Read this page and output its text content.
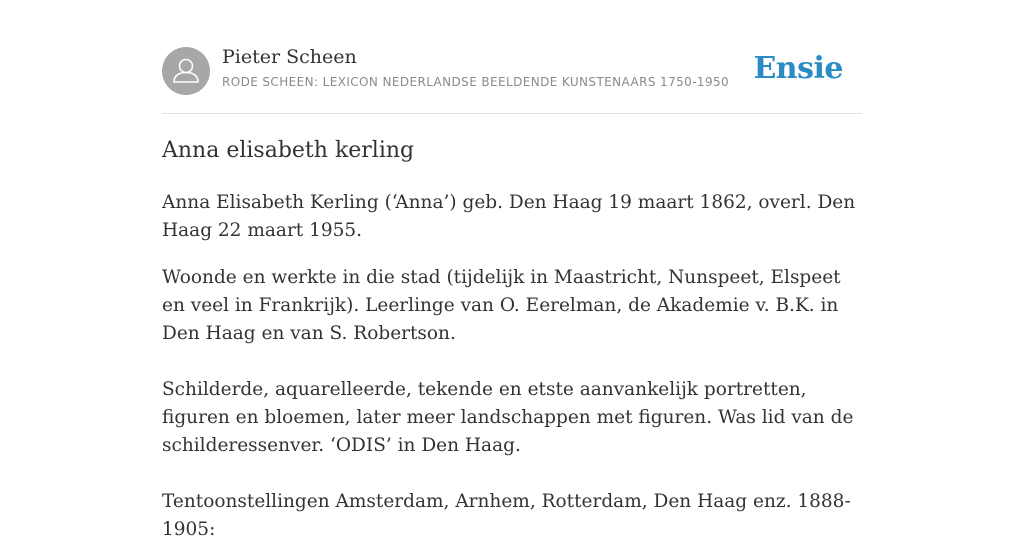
Pieter Scheen
RODE SCHEEN: LEXICON NEDERLANDSE BEELDENDE KUNSTENAARS 1750-1950 Ensie
Anna elisabeth kerling

Anna Elisabeth Kerling (‘Anna’) geb. Den Haag 19 maart 1862, overl. Den Haag 22 maart 1955.

Woonde en werkte in die stad (tijdelijk in Maastricht, Nunspeet, Elspeet en veel in Frankrijk). Leerlinge van O. Eerelman, de Akademie v. B.K. in Den Haag en van S. Robertson.

Schilderde, aquarelleerde, tekende en etste aanvankelijk portretten, figuren en bloemen, later meer landschappen met figuren. Was lid van de schilderessenver. ‘ODIS’ in Den Haag.

Tentoonstellingen Amsterdam, Arnhem, Rotterdam, Den Haag enz. 1888-1905:
